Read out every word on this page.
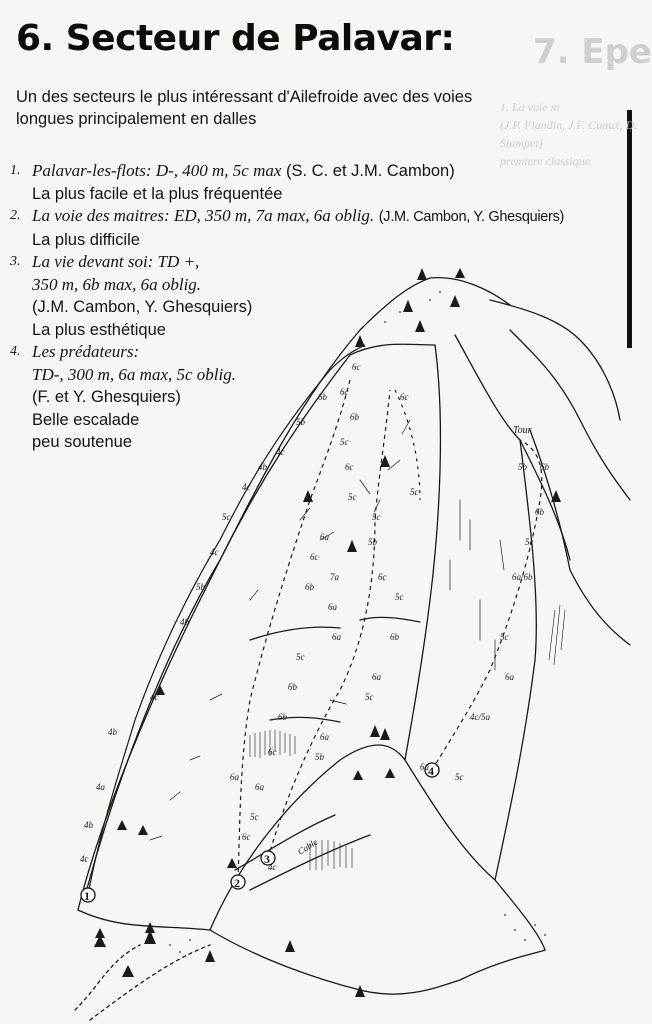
7. Epe
1. La voie m
(J.P. Flandin, J.F. Cuaux, D. Stampet)
premiere classique
6. Secteur de Palavar:

Un des secteurs le plus intéressant d'Ailefroide avec des voies longues principalement en dalles

1
2
3
4
Tour
Cable
4c
4b
4a
4b
4c
4b
5b
4c
5c
4c
4b
4c
5b
6b 6c
6c
6b
5c
6c
5c
6a
6c
6b
6a
7a
6a
5c
6b
6b
6c
6a
5c
6c
5b
5c
6c
6b
6a
5c
5b
6a
6a
5c
4c/5a
5c
6a/6b
5c
6b
5b 6b
6a
5c
5c
6c
6a
4c
1. Palavar-les-flots: D-, 400 m, 5c max (S. C. et J.M. Cambon)
La plus facile et la plus fréquentée
2. La voie des maitres: ED, 350 m, 7a max, 6a oblig. (J.M. Cambon, Y. Ghesquiers)
La plus difficile
3. La vie devant soi: TD +,
350 m, 6b max, 6a oblig.
(J.M. Cambon, Y. Ghesquiers)
La plus esthétique
4. Les prédateurs:
TD-, 300 m, 6a max, 5c oblig.
(F. et Y. Ghesquiers)
Belle escalade
peu soutenue
